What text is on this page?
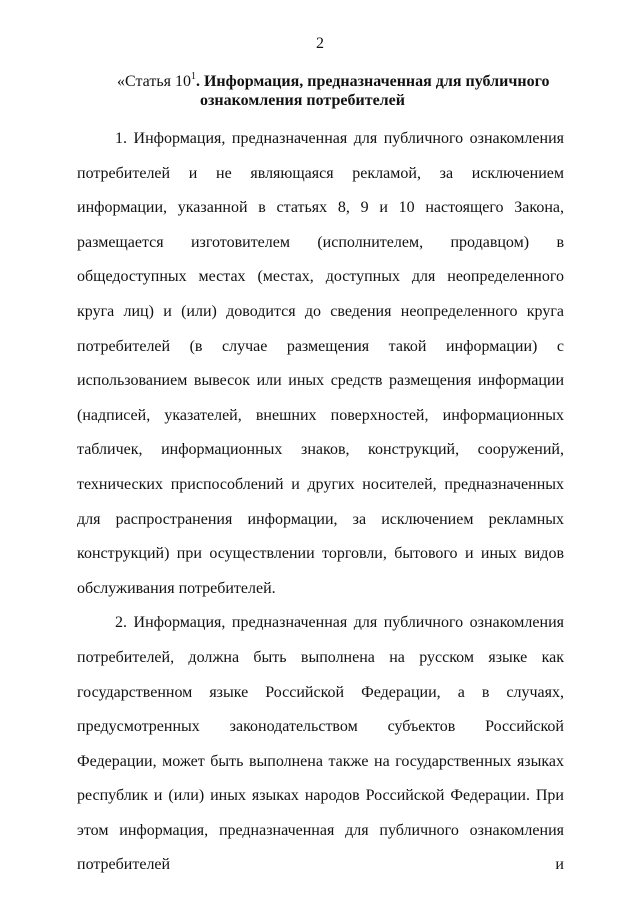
2
«Статья $10^1$. Информация, предназначенная для публичного
ознакомления потребителей

1. Информация, предназначенная для публичного ознакомления потребителей и не являющаяся рекламой, за исключением информации, указанной в статьях 8, 9 и 10 настоящего Закона, размещается изготовителем (исполнителем, продавцом) в общедоступных местах (местах, доступных для неопределенного круга лиц) и (или) доводится до сведения неопределенного круга потребителей (в случае размещения такой информации) с использованием вывесок или иных средств размещения информации (надписей, указателей, внешних поверхностей, информационных табличек, информационных знаков, конструкций, сооружений, технических приспособлений и других носителей, предназначенных для распространения информации, за исключением рекламных конструкций) при осуществлении торговли, бытового и иных видов обслуживания потребителей.

2. Информация, предназначенная для публичного ознакомления потребителей, должна быть выполнена на русском языке как государственном языке Российской Федерации, а в случаях, предусмотренных законодательством субъектов Российской Федерации, может быть выполнена также на государственных языках республик и (или) иных языках народов Российской Федерации. При этом информация, предназначенная для публичного ознакомления потребителей и
